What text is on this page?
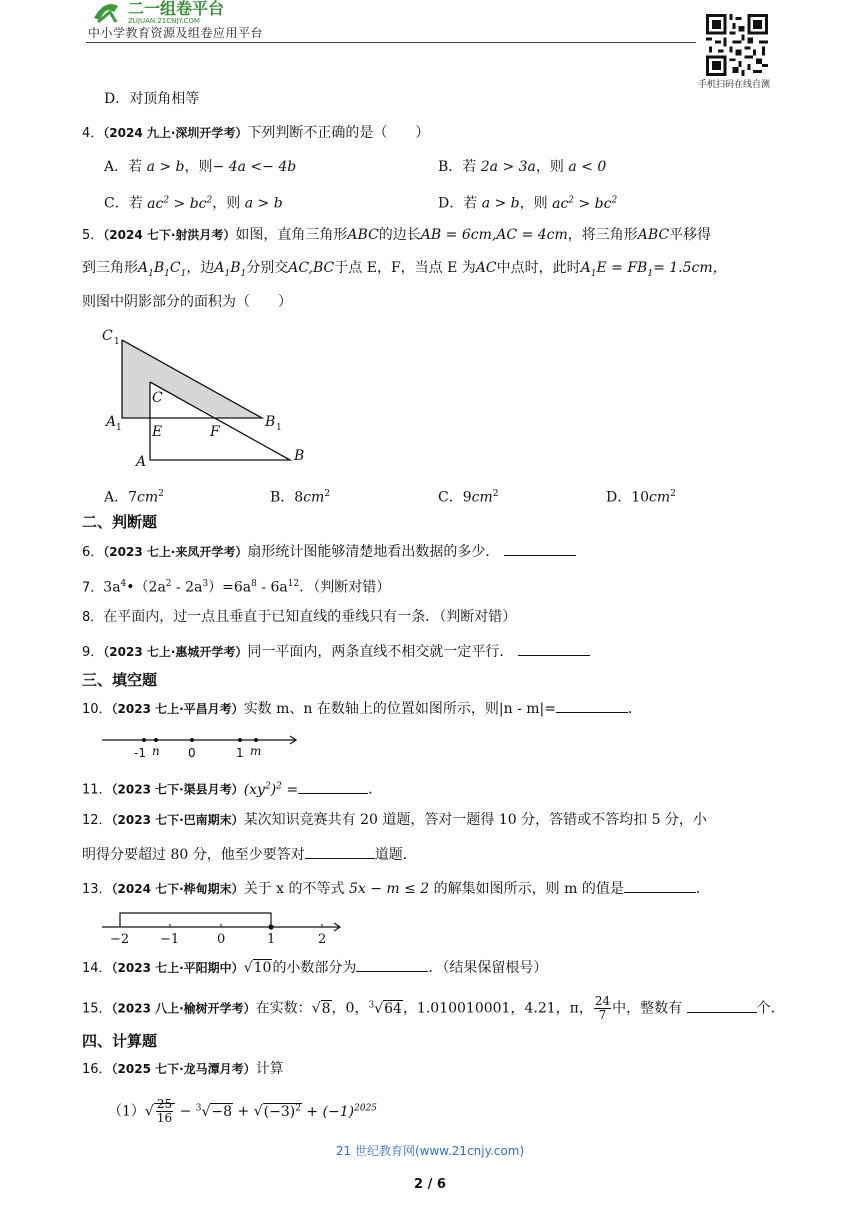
二一组卷平台
ZUJUAN.21CNJY.COM
中小学教育资源及组卷应用平台
手机扫码在线自测
D．对顶角相等
4．（2024 九上·深圳开学考）下列判断不正确的是（　　）
A．若 a > b，则− 4a <− 4b	B．若 2a > 3a，则 a < 0
C．若 $ac^2 > bc^2$，则 a > b	D．若 a > b，则 $ac^2 > bc^2$
5．（2024 七下·射洪月考）如图，直角三角形ABC的边长AB = 6cm,AC = 4cm，将三角形ABC平移得
到三角形$A_1B_1C_1$，边$A_1B_1$分别交AC,BC于点 E，F，当点 E 为AC中点时，此时$A_1E = FB_1= 1.5cm$，
则图中阴影部分的面积为（　　）
C 1
C
A 1 E	F
B 1
A	B
A．$7cm^2$	B．$8cm^2$	C．$9cm^2$	D．$10cm^2$
二、判断题
6．（2023 七上·来凤开学考）扇形统计图能够清楚地看出数据的多少．
7．$3a^4•(2a^2 - 2a^3)=6a^8 - 6a^{12}$．（判断对错）
8．在平面内，过一点且垂直于已知直线的垂线只有一条．（判断对错）
9．（2023 七上·惠城开学考）同一平面内，两条直线不相交就一定平行．
三、填空题
10．（2023 七上·平昌月考）实数 m、n 在数轴上的位置如图所示，则|n - m|=	．
-1 n 0	1 m
11．（2023 七下·渠县月考）$(xy^2)^2$ =	．
12．（2023 七下·巴南期末）某次知识竞赛共有 20 道题，答对一题得 10 分，答错或不答均扣 5 分，小
明得分要超过 80 分，他至少要答对	道题．
13．（2024 七下·桦甸期末）关于 x 的不等式 5x − m ≤ 2 的解集如图所示，则 m 的值是	．
−2 −1	0	1	2
14．（2023 七上·平阳期中）√10的小数部分为	．（结果保留根号）
15．（2023 八上·榆树开学考）在实数：√8，0，$^3$√64，1.010010001，4.21，π， $\frac{24}{7}$ 中，整数有	个．
四、计算题
16．（2025 七下·龙马潭月考）计算
$(1)√ \frac{25}{16} - ^3√-8 + √(-3)^2 + (-1)^{2025}$
21 世纪教育网(www.21cnjy.com)
2 / 6
